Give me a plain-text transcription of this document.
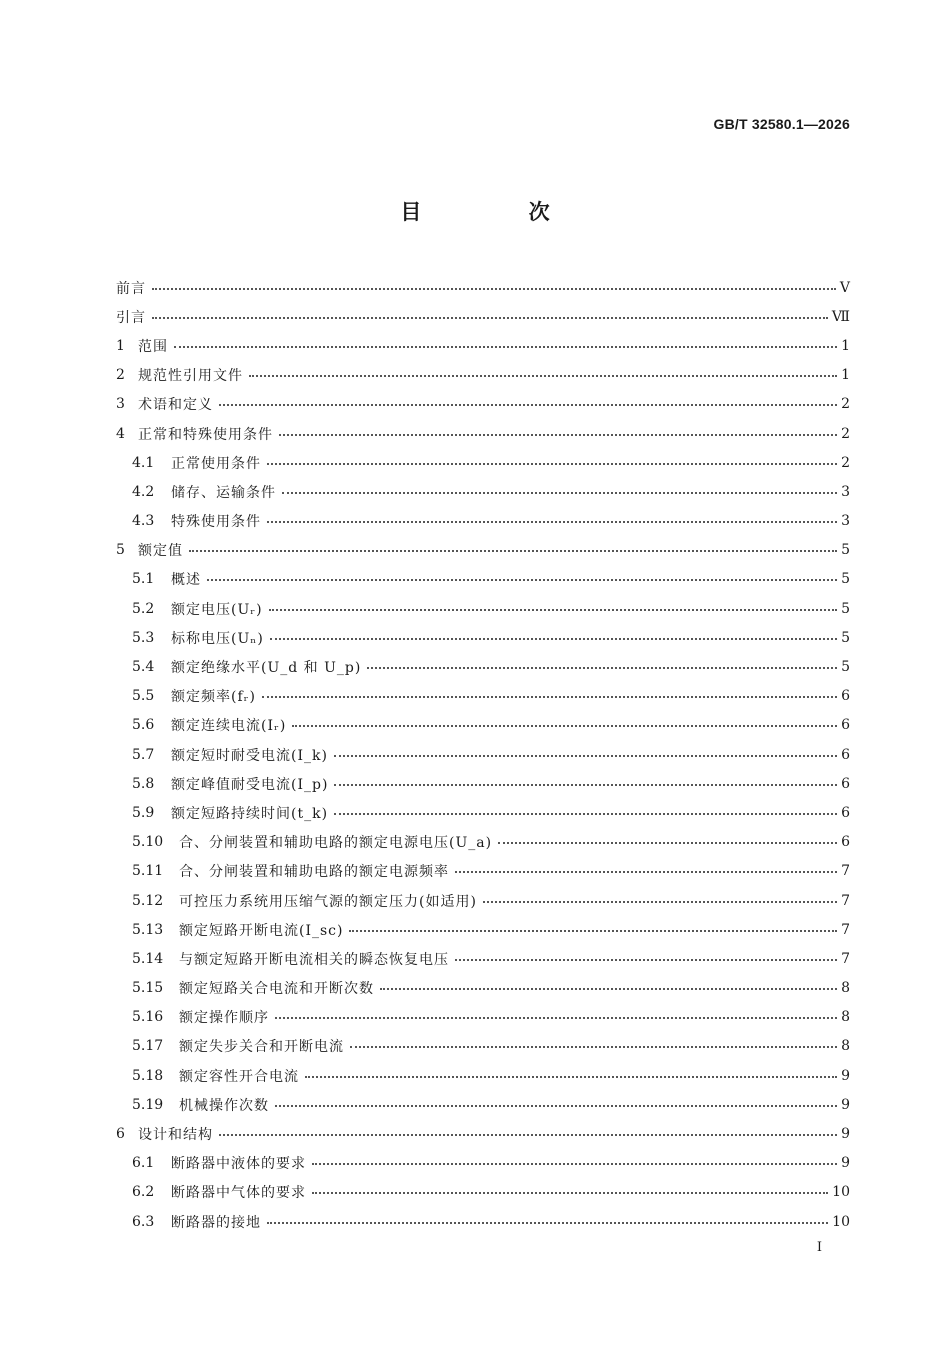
GB/T 32580.1—2026
目 次
前言	Ⅴ
引言	Ⅶ
1 范围	1
2 规范性引用文件	1
3 术语和定义	2
4 正常和特殊使用条件	2
4.1	正常使用条件	2
4.2	储存、运输条件	3
4.3	特殊使用条件	3
5 额定值	5
5.1	概述	5
5.2	额定电压(Uᵣ)	5
5.3	标称电压(Uₙ)	5
5.4	额定绝缘水平(U_d 和 U_p)	5
5.5	额定频率(fᵣ)	6
5.6	额定连续电流(Iᵣ)	6
5.7	额定短时耐受电流(I_k)	6
5.8	额定峰值耐受电流(I_p)	6
5.9	额定短路持续时间(t_k)	6
5.10	合、分闸装置和辅助电路的额定电源电压(U_a)	6
5.11	合、分闸装置和辅助电路的额定电源频率	7
5.12	可控压力系统用压缩气源的额定压力(如适用)	7
5.13	额定短路开断电流(I_sc)	7
5.14	与额定短路开断电流相关的瞬态恢复电压	7
5.15	额定短路关合电流和开断次数	8
5.16	额定操作顺序	8
5.17	额定失步关合和开断电流	8
5.18	额定容性开合电流	9
5.19	机械操作次数	9
6 设计和结构	9
6.1	断路器中液体的要求	9
6.2	断路器中气体的要求	10
6.3	断路器的接地	10
Ⅰ
